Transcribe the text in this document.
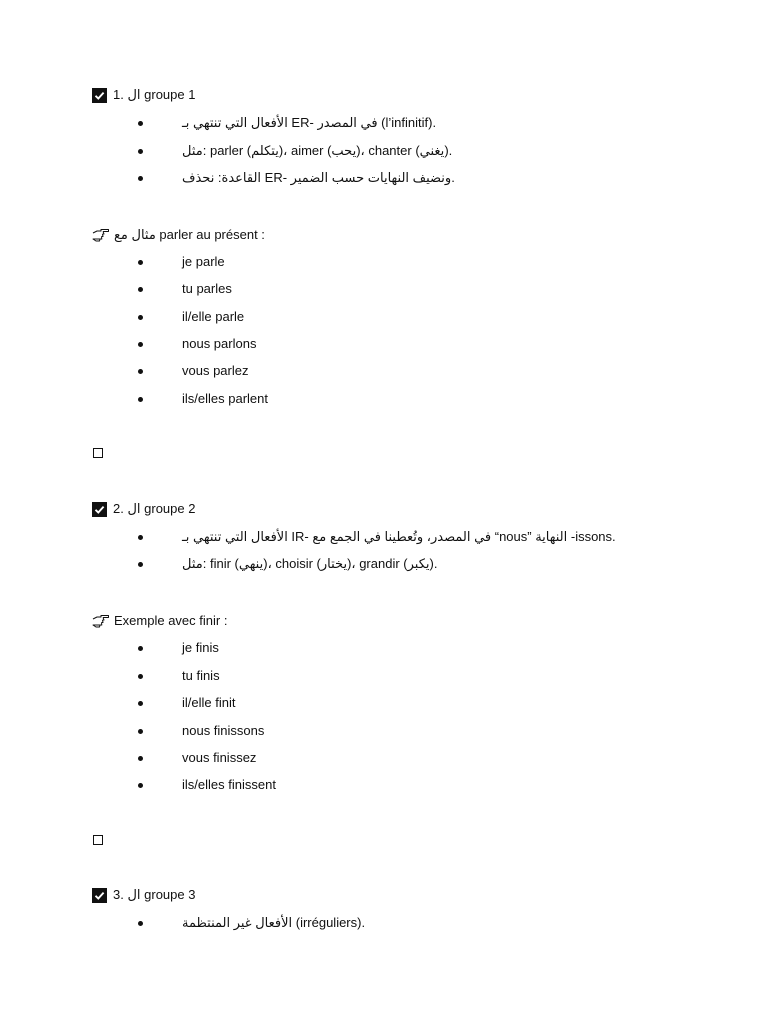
1. ال groupe 1
الأفعال التي تنتهي بـ ER- في المصدر (l’infinitif).
مثل: parler (يتكلم)، aimer (يحب)، chanter (يغني).
القاعدة: نحذف ER- ونضيف النهايات حسب الضمير.
مثال مع parler au présent :
je parle
tu parles
il/elle parle
nous parlons
vous parlez
ils/elles parlent
2. ال groupe 2
الأفعال التي تنتهي بـ IR- في المصدر، وتُعطينا في الجمع مع “nous” النهاية -issons.
مثل: finir (ينهي)، choisir (يختار)، grandir (يكبر).
Exemple avec finir :
je finis
tu finis
il/elle finit
nous finissons
vous finissez
ils/elles finissent
3. ال groupe 3
الأفعال غير المنتظمة (irréguliers).
